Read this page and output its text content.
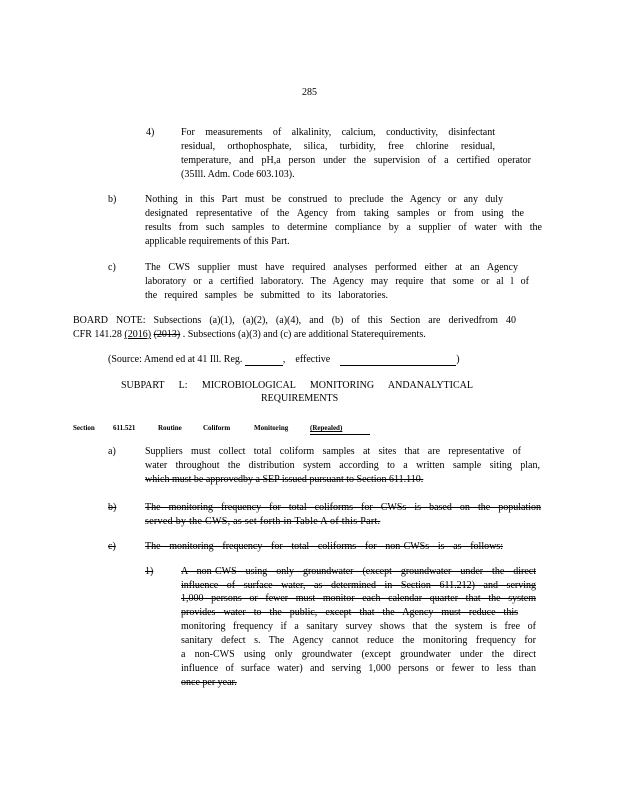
285
4)	For measurements of alkalinity, calcium, conductivity, disinfectant
residual, orthophosphate, silica, turbidity, free chlorine residual,
temperature, and pH,a person under the supervision of a certified operator
(35Ill. Adm. Code 603.103).
b)	Nothing in this Part must be construed to preclude the Agency or any duly
designated representative of the Agency from taking samples or from using the
results from such samples to determine compliance by a supplier of water with the
applicable requirements of this Part.
c)	The CWS supplier must have required analyses performed either at an Agency
laboratory or a certified laboratory. The Agency may require that some or al l of
the required samples be submitted to its laboratories.
BOARD NOTE: Subsections (a)(1), (a)(2), (a)(4), and (b) of this Section are derivedfrom 40
CFR 141.28 (2016) (2013) . Subsections (a)(3) and (c) are additional Staterequirements.
(Source: Amend ed at 41 Ill. Reg.	, effective	)
SUBPART L: MICROBIOLOGICAL MONITORING ANDANALYTICAL
REQUIREMENTS
Section	611.521	Routine	Coliform	Monitoring	(Repealed)
a)	Suppliers must collect total coliform samples at sites that are representative of
water throughout the distribution system according to a written sample siting plan,
which must be approvedby a SEP issued pursuant to Section 611.110.
b)	The monitoring frequency for total coliforms for CWSs is based on the population
served by the CWS, as set forth in Table A of this Part.
c)	The monitoring frequency for total coliforms for non-CWSs is as follows:
1)	A non-CWS using only groundwater (except groundwater under the direct
influence of surface water, as determined in Section 611.212) and serving
1,000 persons or fewer must monitor each calendar quarter that the system
provides water to the public, except that the Agency must reduce this
monitoring frequency if a sanitary survey shows that the system is free of
sanitary defect s. The Agency cannot reduce the monitoring frequency for
a non-CWS using only groundwater (except groundwater under the direct
influence of surface water) and serving 1,000 persons or fewer to less than
once per year.
